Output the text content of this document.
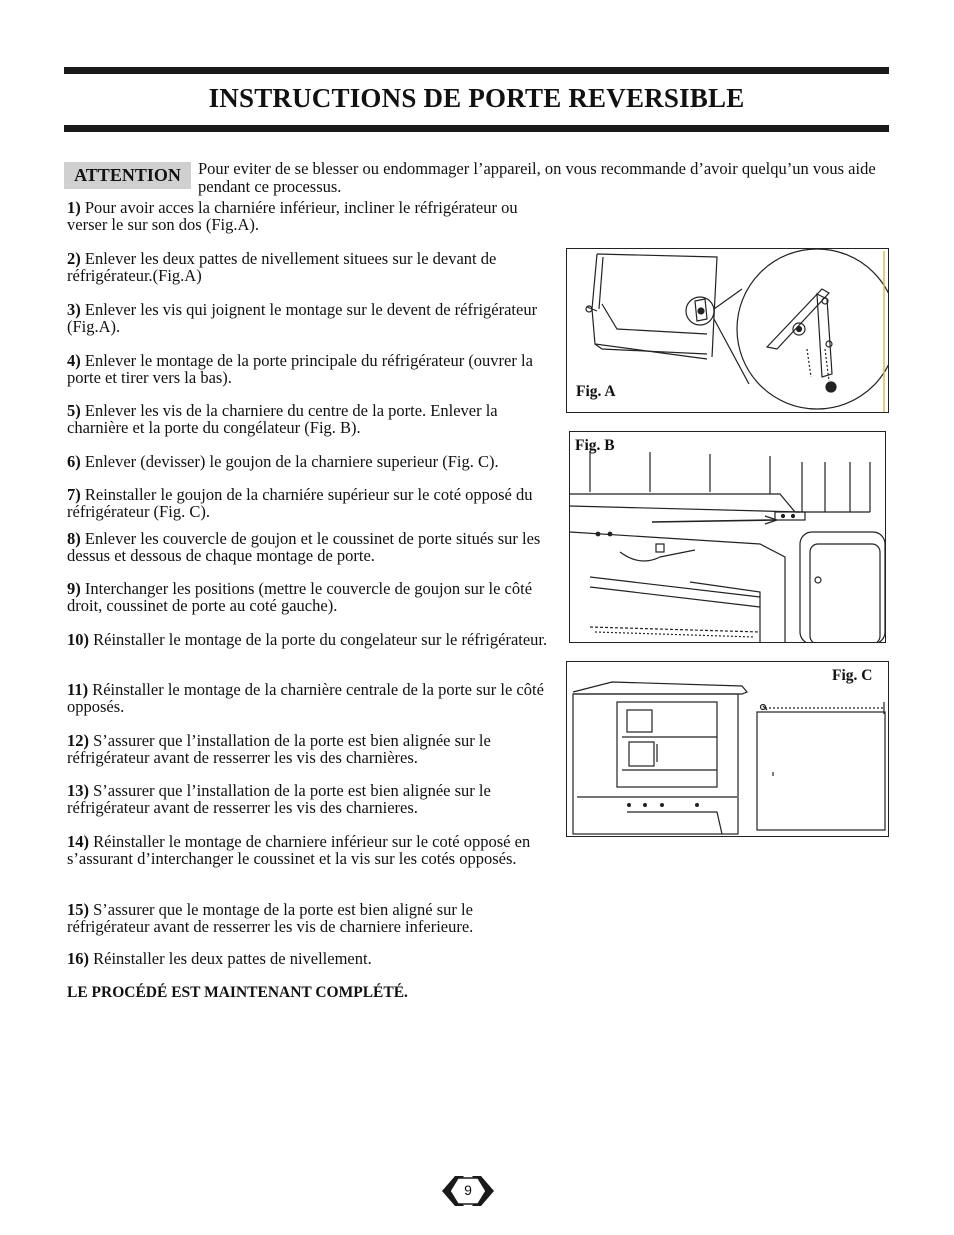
INSTRUCTIONS DE PORTE REVERSIBLE
ATTENTION	Pour eviter de se blesser ou endommager l’appareil, on vous recommande d’avoir quelqu’un vous aide pendant ce processus.

1) Pour avoir acces la charniére inférieur, incliner le réfrigérateur ou verser le sur son dos (Fig.A).

2) Enlever les deux pattes de nivellement situees sur le devant de réfrigérateur.(Fig.A)

3) Enlever les vis qui joignent le montage sur le devent de réfrigérateur (Fig.A).

4) Enlever le montage de la porte principale du réfrigérateur (ouvrer la porte et tirer vers la bas).

5) Enlever les vis de la charniere du centre de la porte. Enlever la charnière et la porte du congélateur (Fig. B).

6) Enlever (devisser) le goujon de la charniere superieur (Fig. C).

7) Reinstaller le goujon de la charniére supérieur sur le coté opposé du réfrigérateur (Fig. C).

8) Enlever les couvercle de goujon et le coussinet de porte situés sur les dessus et dessous de chaque montage de porte.

9) Interchanger les positions (mettre le couvercle de goujon sur le côté droit, coussinet de porte au coté gauche).

10) Réinstaller le montage de la porte du congelateur sur le réfrigérateur.

11) Réinstaller le montage de la charnière centrale de la porte sur le côté opposés.

12) S’assurer que l’installation de la porte est bien alignée sur le réfrigérateur avant de resserrer les vis des charnières.

13) S’assurer que l’installation de la porte est bien alignée sur le réfrigérateur avant de resserrer les vis des charnieres.

14) Réinstaller le montage de charniere inférieur sur le coté opposé en s’assurant d’interchanger le coussinet et la vis sur les cotés opposés.

15) S’assurer que le montage de la porte est bien aligné sur le réfrigérateur avant de resserrer les vis de charniere inferieure.

16) Réinstaller les deux pattes de nivellement.

LE PROCÉDÉ EST MAINTENANT COMPLÉTÉ.
Fig. A
Fig. B
Fig. C
9
